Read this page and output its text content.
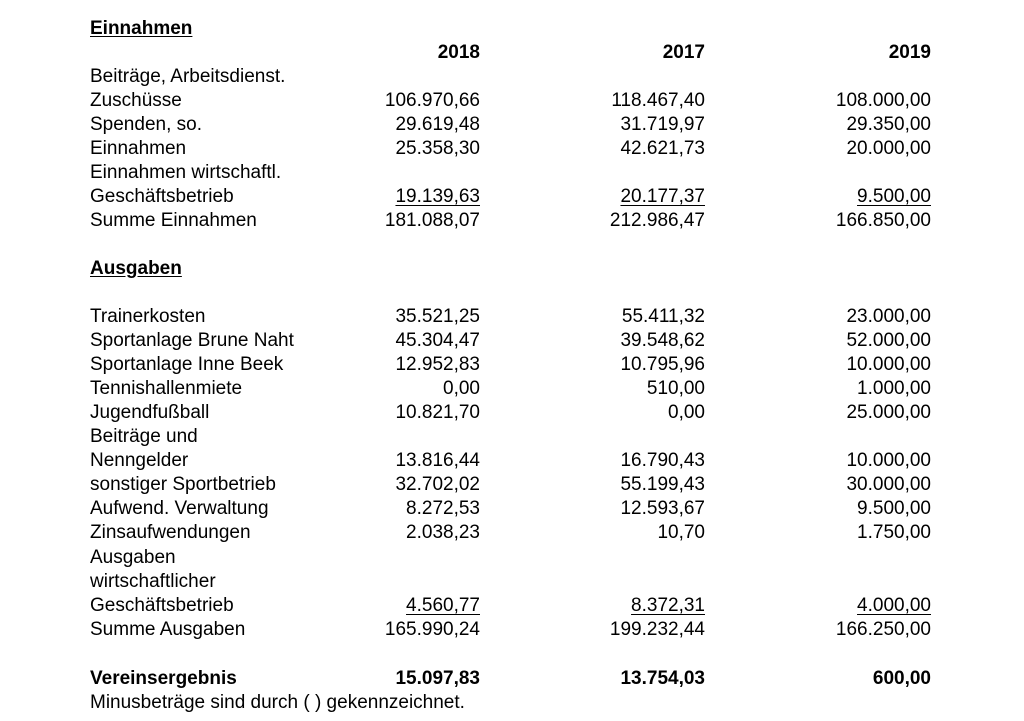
Einnahmen
2018	2017	2019
Beiträge, Arbeitsdienst.
Zuschüsse	106.970,66	118.467,40	108.000,00
Spenden, so.	29.619,48	31.719,97	29.350,00
Einnahmen	25.358,30	42.621,73	20.000,00
Einnahmen wirtschaftl.
Geschäftsbetrieb	19.139,63	20.177,37	9.500,00
Summe Einnahmen	181.088,07	212.986,47	166.850,00
Ausgaben
Trainerkosten	35.521,25	55.411,32	23.000,00
Sportanlage Brune Naht	45.304,47	39.548,62	52.000,00
Sportanlage Inne Beek	12.952,83	10.795,96	10.000,00
Tennishallenmiete	0,00	510,00	1.000,00
Jugendfußball	10.821,70	0,00	25.000,00
Beiträge und
Nenngelder	13.816,44	16.790,43	10.000,00
sonstiger Sportbetrieb	32.702,02	55.199,43	30.000,00
Aufwend. Verwaltung	8.272,53	12.593,67	9.500,00
Zinsaufwendungen	2.038,23	10,70	1.750,00
Ausgaben
wirtschaftlicher
Geschäftsbetrieb	4.560,77	8.372,31	4.000,00
Summe Ausgaben	165.990,24	199.232,44	166.250,00
Vereinsergebnis	15.097,83	13.754,03	600,00
Minusbeträge sind durch ( ) gekennzeichnet.
